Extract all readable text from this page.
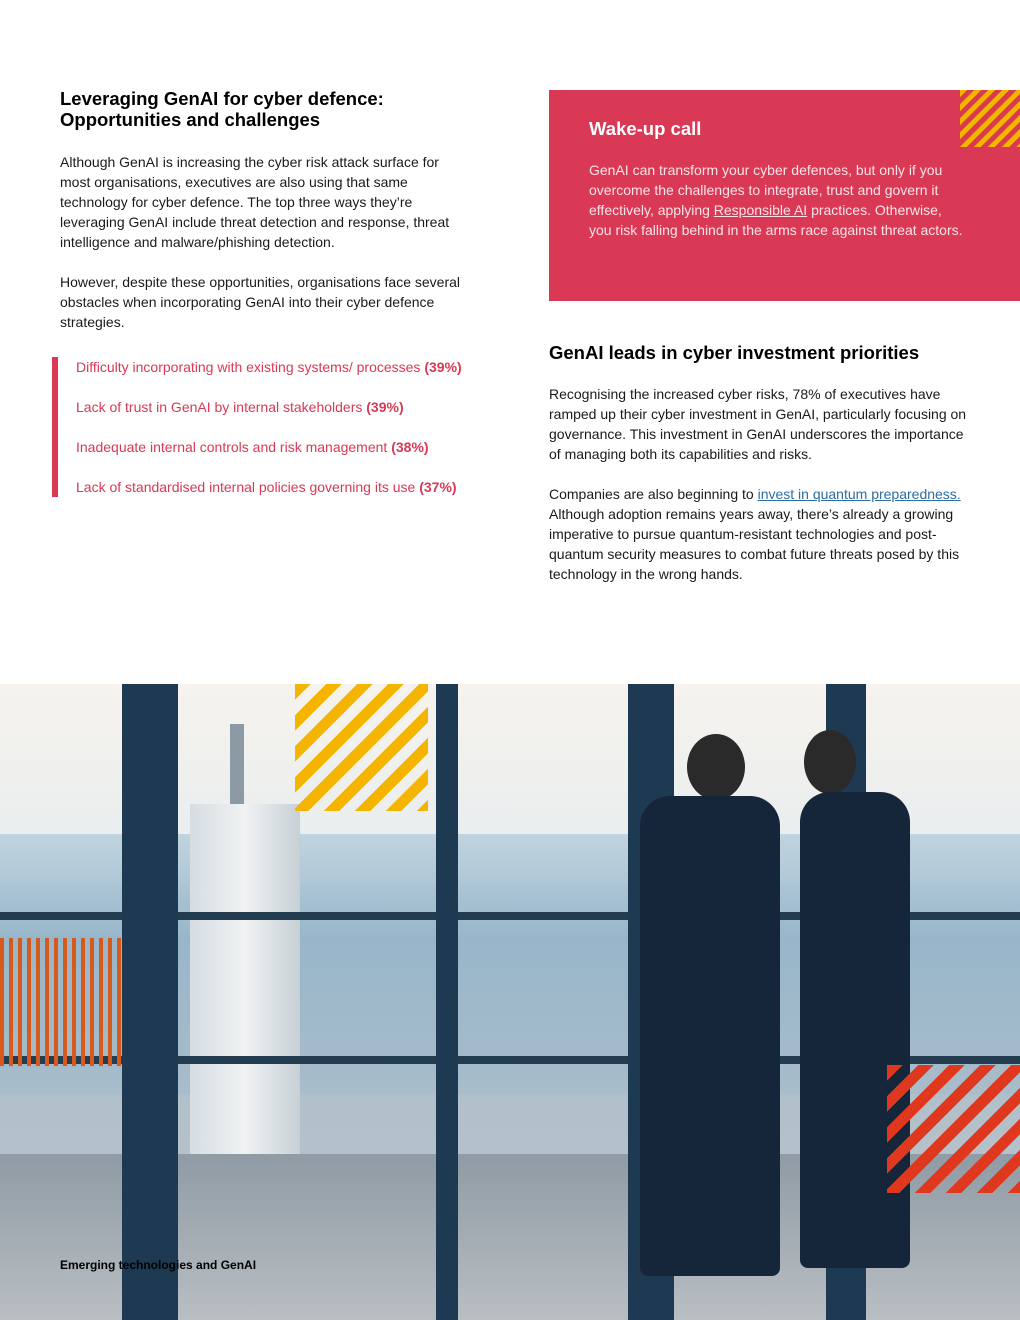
Leveraging GenAI for cyber defence:
Opportunities and challenges

Although GenAI is increasing the cyber risk attack surface for most organisations, executives are also using that same technology for cyber defence. The top three ways they’re leveraging GenAI include threat detection and response, threat intelligence and malware/phishing detection.

However, despite these opportunities, organisations face several obstacles when incorporating GenAI into their cyber defence strategies.

Difficulty incorporating with existing systems/ processes (39%)

Lack of trust in GenAI by internal stakeholders (39%)

Inadequate internal controls and risk management (38%)

Lack of standardised internal policies governing its use (37%)

Wake-up call

GenAI can transform your cyber defences, but only if you overcome the challenges to integrate, trust and govern it effectively, applying Responsible AI practices. Otherwise, you risk falling behind in the arms race against threat actors.

GenAI leads in cyber investment priorities

Recognising the increased cyber risks, 78% of executives have ramped up their cyber investment in GenAI, particularly focusing on governance. This investment in GenAI underscores the importance of managing both its capabilities and risks.

Companies are also beginning to invest in quantum preparedness. Although adoption remains years away, there’s already a growing imperative to pursue quantum-resistant technologies and post-quantum security measures to combat future threats posed by this technology in the wrong hands.

Emerging technologies and GenAI
